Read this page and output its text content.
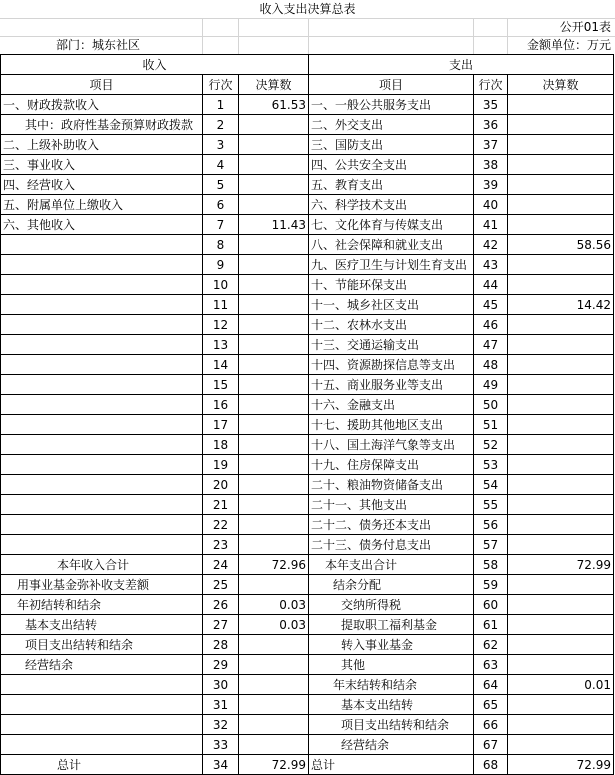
收入支出决算总表
公开01表
部门：城东社区	金额单位：万元
收入			支出		
项目	行次	决算数	项目	行次	决算数
一、财政拨款收入	1	61.53	一、一般公共服务支出	35	
其中：政府性基金预算财政拨款	2		二、外交支出	36	
二、上级补助收入	3		三、国防支出	37	
三、事业收入	4		四、公共安全支出	38	
四、经营收入	5		五、教育支出	39	
五、附属单位上缴收入	6		六、科学技术支出	40	
六、其他收入	7	11.43	七、文化体育与传媒支出	41	
	8		八、社会保障和就业支出	42	58.56
	9		九、医疗卫生与计划生育支出	43	
	10		十、节能环保支出	44	
	11		十一、城乡社区支出	45	14.42
	12		十二、农林水支出	46	
	13		十三、交通运输支出	47	
	14		十四、资源勘探信息等支出	48	
	15		十五、商业服务业等支出	49	
	16		十六、金融支出	50	
	17		十七、援助其他地区支出	51	
	18		十八、国土海洋气象等支出	52	
	19		十九、住房保障支出	53	
	20		二十、粮油物资储备支出	54	
	21		二十一、其他支出	55	
	22		二十二、债务还本支出	56	
	23		二十三、债务付息支出	57	
本年收入合计	24	72.96	本年支出合计	58	72.99
用事业基金弥补收支差额	25		结余分配	59	
年初结转和结余	26	0.03	交纳所得税	60	
基本支出结转	27	0.03	提取职工福利基金	61	
项目支出结转和结余	28		转入事业基金	62	
经营结余	29		其他	63	
	30		年末结转和结余	64	0.01
	31		基本支出结转	65	
	32		项目支出结转和结余	66	
	33		经营结余	67	
总计	34	72.99	总计	68	72.99
